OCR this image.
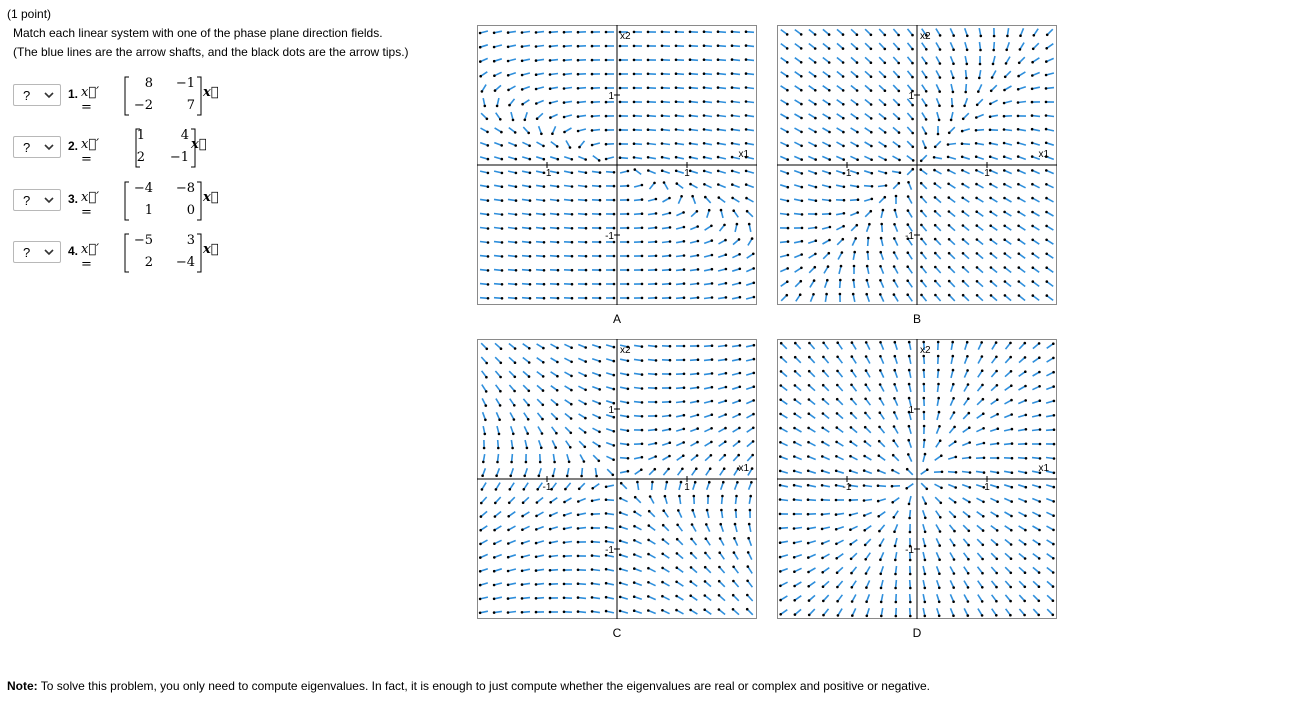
(1 point)
Match each linear system with one of the phase plane direction fields.
(The blue lines are the arrow shafts, and the black dots are the arrow tips.)
?	1. x⃗′ =
8 −1
−2	7
x⃗
?	2. x⃗′ =
1	4
2 −1
x⃗
?	3. x⃗′ =
−4 −8
1	0
x⃗
?	4. x⃗′ =
−5	3
2 −4
x⃗
x2
x1
-1	1
1
-1
A
x2
x1
-1	1
1
-1
B
x2
x1
-1	1
1
-1
C
x2
x1
-1	1
1
-1
D
Note: To solve this problem, you only need to compute eigenvalues. In fact, it is enough to just compute whether the eigenvalues are real or complex and positive or negative.
